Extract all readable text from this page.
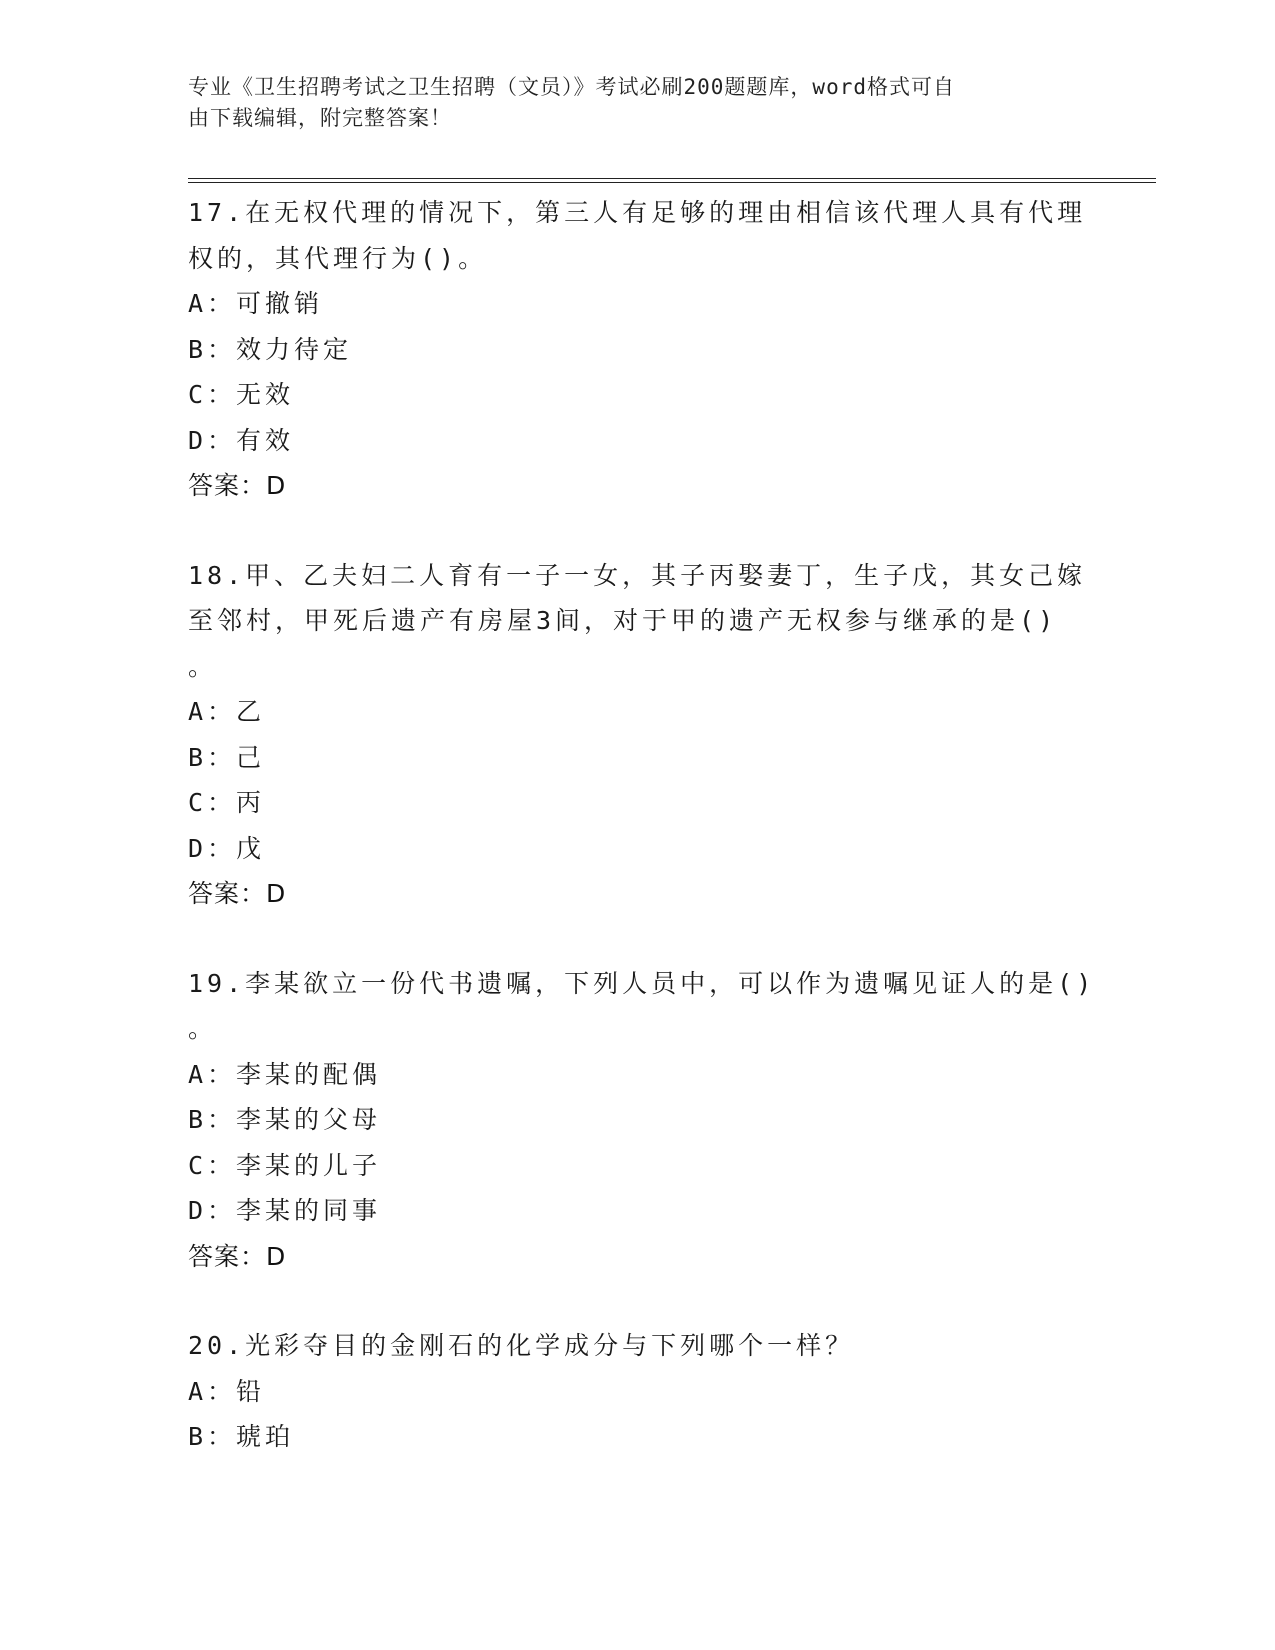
专业《卫生招聘考试之卫生招聘（文员）》考试必刷200题题库，word格式可自
由下载编辑，附完整答案！
17.在无权代理的情况下，第三人有足够的理由相信该代理人具有代理
权的，其代理行为()。
A：可撤销
B：效力待定
C：无效
D：有效
答案：D
18.甲、乙夫妇二人育有一子一女，其子丙娶妻丁，生子戊，其女己嫁
至邻村，甲死后遗产有房屋3间，对于甲的遗产无权参与继承的是()
。
A：乙
B：己
C：丙
D：戊
答案：D
19.李某欲立一份代书遗嘱，下列人员中，可以作为遗嘱见证人的是()
。
A：李某的配偶
B：李某的父母
C：李某的儿子
D：李某的同事
答案：D
20.光彩夺目的金刚石的化学成分与下列哪个一样？
A：铅
B：琥珀
